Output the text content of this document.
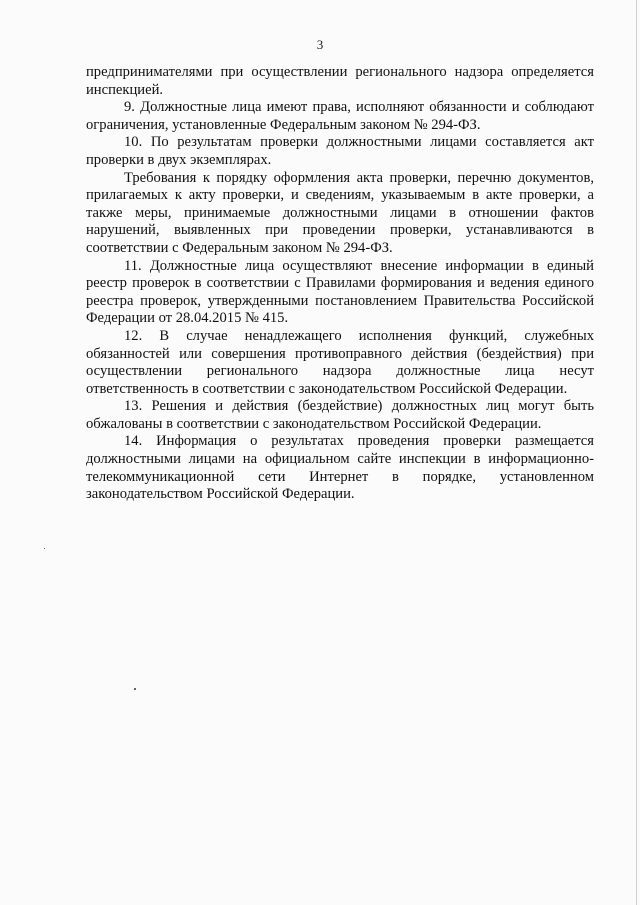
3

предпринимателями при осуществлении регионального надзора определяется инспекцией.

9. Должностные лица имеют права, исполняют обязанности и соблюдают ограничения, установленные Федеральным законом № 294-ФЗ.

10. По результатам проверки должностными лицами составляется акт проверки в двух экземплярах.

Требования к порядку оформления акта проверки, перечню документов, прилагаемых к акту проверки, и сведениям, указываемым в акте проверки, а также меры, принимаемые должностными лицами в отношении фактов нарушений, выявленных при проведении проверки, устанавливаются в соответствии с Федеральным законом № 294-ФЗ.

11. Должностные лица осуществляют внесение информации в единый реестр проверок в соответствии с Правилами формирования и ведения единого реестра проверок, утвержденными постановлением Правительства Российской Федерации от 28.04.2015 № 415.

12. В случае ненадлежащего исполнения функций, служебных обязанностей или совершения противоправного действия (бездействия) при осуществлении регионального надзора должностные лица несут ответственность в соответствии с законодательством Российской Федерации.

13. Решения и действия (бездействие) должностных лиц могут быть обжалованы в соответствии с законодательством Российской Федерации.

14. Информация о результатах проведения проверки размещается должностными лицами на официальном сайте инспекции в информационно-телекоммуникационной сети Интернет в порядке, установленном законодательством Российской Федерации.
